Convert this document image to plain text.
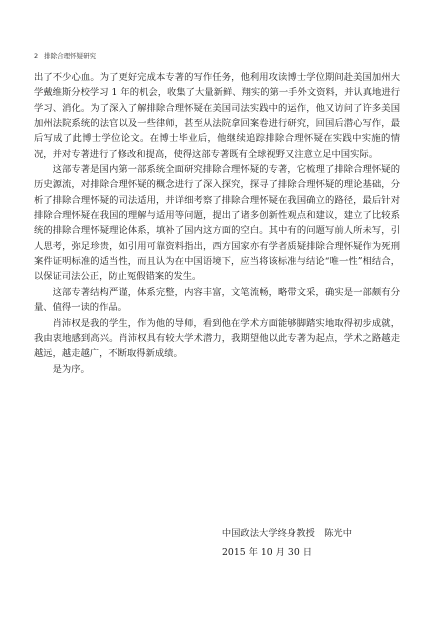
2 排除合理怀疑研究

出了不少心血。为了更好完成本专著的写作任务，他利用攻读博士学位期间赴美国加州大学戴维斯分校学习 1 年的机会，收集了大量新鲜、翔实的第一手外文资料，并认真地进行学习、消化。为了深入了解排除合理怀疑在美国司法实践中的运作，他又访问了许多美国加州法院系统的法官以及一些律师，甚至从法院拿回案卷进行研究，回国后潜心写作，最后写成了此博士学位论文。在博士毕业后，他继续追踪排除合理怀疑在实践中实施的情况，并对专著进行了修改和提高，使得这部专著既有全球视野又注意立足中国实际。

这部专著是国内第一部系统全面研究排除合理怀疑的专著，它梳理了排除合理怀疑的历史源流，对排除合理怀疑的概念进行了深入探究，探寻了排除合理怀疑的理论基础，分析了排除合理怀疑的司法适用，并详细考察了排除合理怀疑在我国确立的路径，最后针对排除合理怀疑在我国的理解与适用等问题，提出了诸多创新性观点和建议，建立了比较系统的排除合理怀疑理论体系，填补了国内这方面的空白。其中有的问题写前人所未写，引人思考，弥足珍贵，如引用可靠资料指出，西方国家亦有学者质疑排除合理怀疑作为死刑案件证明标准的适当性，而且认为在中国语境下，应当将该标准与结论“唯一性”相结合，以保证司法公正，防止冤假错案的发生。

这部专著结构严谨，体系完整，内容丰富，文笔流畅，略带文采，确实是一部颇有分量、值得一读的作品。

肖沛权是我的学生，作为他的导师，看到他在学术方面能够脚踏实地取得初步成就，我由衷地感到高兴。肖沛权具有较大学术潜力，我期望他以此专著为起点，学术之路越走越远，越走越广，不断取得新成绩。

是为序。

中国政法大学终身教授　陈光中
2015 年 10 月 30 日
